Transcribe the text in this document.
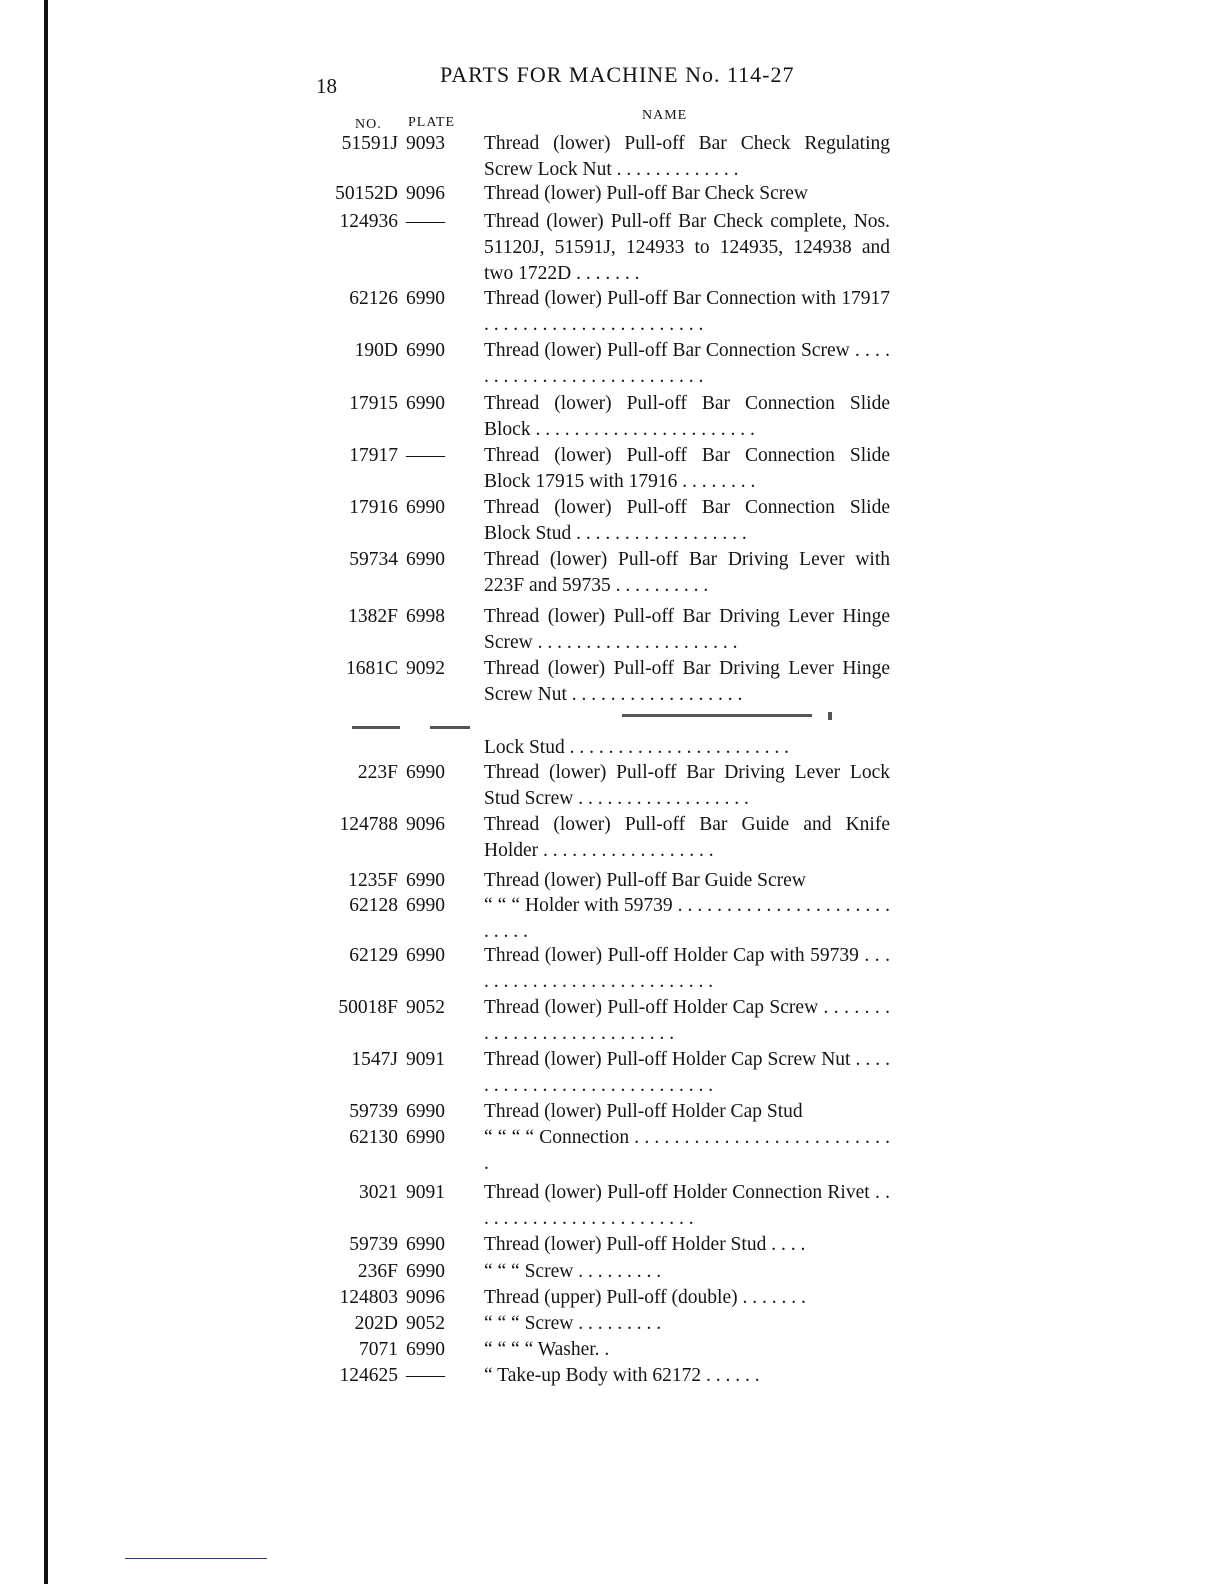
18	PARTS FOR MACHINE No. 114-27
NO. PLATE	NAME
51591J 9093	Thread (lower) Pull-off Bar Check Regulating Screw Lock Nut . . . . . . . . . . . . .
50152D 9096	Thread (lower) Pull-off Bar Check Screw
124936 ——	Thread (lower) Pull-off Bar Check complete, Nos. 51120J, 51591J, 124933 to 124935, 124938 and two 1722D . . . . . . .
62126 6990	Thread (lower) Pull-off Bar Connection with 17917 . . . . . . . . . . . . . . . . . . . . . . .
190D 6990	Thread (lower) Pull-off Bar Connection Screw . . . . . . . . . . . . . . . . . . . . . . . . . . .
17915 6990	Thread (lower) Pull-off Bar Connection Slide Block . . . . . . . . . . . . . . . . . . . . . . .
17917 ——	Thread (lower) Pull-off Bar Connection Slide Block 17915 with 17916 . . . . . . . .
17916 6990	Thread (lower) Pull-off Bar Connection Slide Block Stud . . . . . . . . . . . . . . . . . .
59734 6990	Thread (lower) Pull-off Bar Driving Lever with 223F and 59735 . . . . . . . . . .
1382F 6998	Thread (lower) Pull-off Bar Driving Lever Hinge Screw . . . . . . . . . . . . . . . . . . . . .
1681C 9092	Thread (lower) Pull-off Bar Driving Lever Hinge Screw Nut . . . . . . . . . . . . . . . . . .
Lock Stud . . . . . . . . . . . . . . . . . . . . . . .
223F 6990	Thread (lower) Pull-off Bar Driving Lever Lock Stud Screw . . . . . . . . . . . . . . . . . .
124788 9096	Thread (lower) Pull-off Bar Guide and Knife Holder . . . . . . . . . . . . . . . . . .
1235F 6990	Thread (lower) Pull-off Bar Guide Screw
62128 6990	“ “ “ Holder with 59739 . . . . . . . . . . . . . . . . . . . . . . . . . . .
62129 6990	Thread (lower) Pull-off Holder Cap with 59739 . . . . . . . . . . . . . . . . . . . . . . . . . . .
50018F 9052	Thread (lower) Pull-off Holder Cap Screw . . . . . . . . . . . . . . . . . . . . . . . . . . .
1547J 9091	Thread (lower) Pull-off Holder Cap Screw Nut . . . . . . . . . . . . . . . . . . . . . . . . . . . .
59739 6990	Thread (lower) Pull-off Holder Cap Stud
62130 6990	“ “ “ “ Connection . . . . . . . . . . . . . . . . . . . . . . . . . . .
3021 9091	Thread (lower) Pull-off Holder Connection Rivet . . . . . . . . . . . . . . . . . . . . . . . .
59739 6990	Thread (lower) Pull-off Holder Stud . . . .
236F 6990	“ “ “ Screw . . . . . . . . .
124803 9096	Thread (upper) Pull-off (double) . . . . . . .
202D 9052	“ “ “ Screw . . . . . . . . .
7071 6990	“ “ “ “ Washer. .
124625 ——	“ Take-up Body with 62172 . . . . . .
